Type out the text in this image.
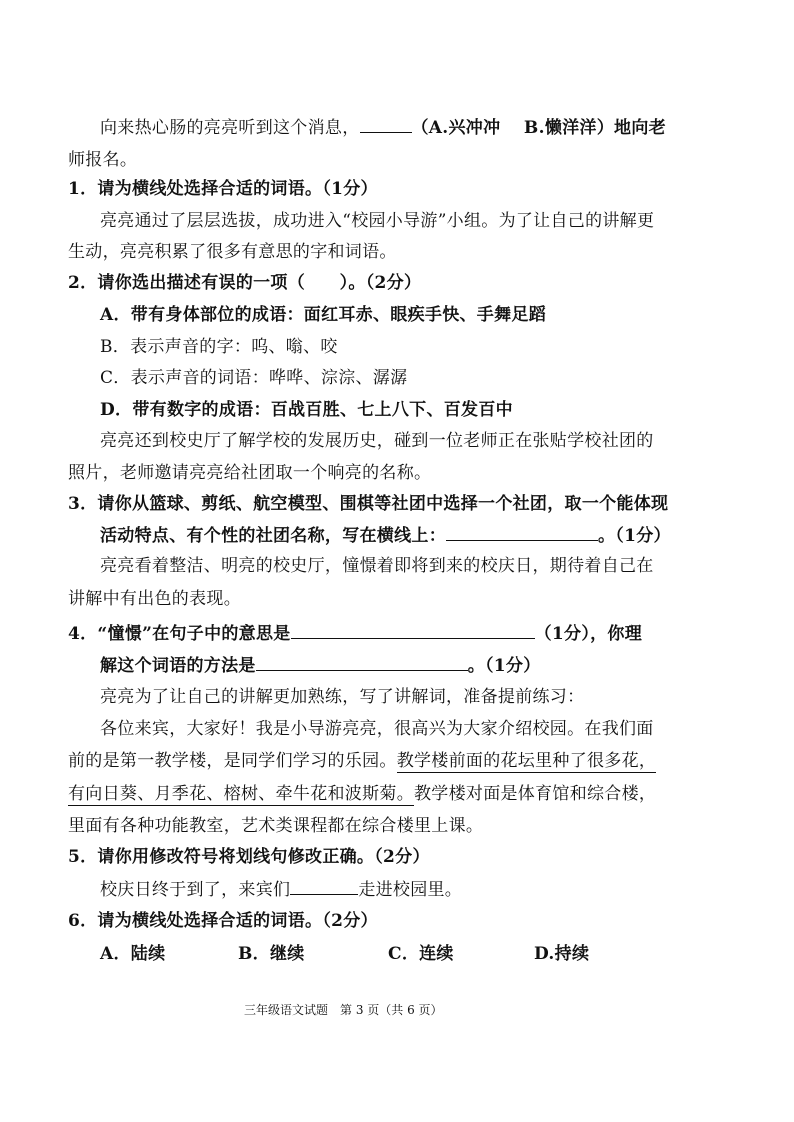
向来热心肠的亮亮听到这个消息，	（A.兴冲冲　 B.懒洋洋）地向老
师报名。
1．请为横线处选择合适的词语。（1分）
亮亮通过了层层选拔，成功进入“校园小导游”小组。为了让自己的讲解更
生动，亮亮积累了很多有意思的字和词语。
2．请你选出描述有误的一项（　　）。（2分）
A．带有身体部位的成语：面红耳赤、眼疾手快、手舞足蹈
B．表示声音的字：呜、嗡、咬
C．表示声音的词语：哗哗、淙淙、潺潺
D．带有数字的成语：百战百胜、七上八下、百发百中
亮亮还到校史厅了解学校的发展历史，碰到一位老师正在张贴学校社团的
照片，老师邀请亮亮给社团取一个响亮的名称。
3．请你从篮球、剪纸、航空模型、围棋等社团中选择一个社团，取一个能体现
活动特点、有个性的社团名称，写在横线上：	。（1分）
亮亮看着整洁、明亮的校史厅，憧憬着即将到来的校庆日，期待着自己在
讲解中有出色的表现。
4．“憧憬”在句子中的意思是	（1分），你理
解这个词语的方法是	。（1分）
亮亮为了让自己的讲解更加熟练，写了讲解词，准备提前练习：
各位来宾，大家好！我是小导游亮亮，很高兴为大家介绍校园。在我们面
前的是第一教学楼，是同学们学习的乐园。教学楼前面的花坛里种了很多花，
有向日葵、月季花、榕树、牵牛花和波斯菊。教学楼对面是体育馆和综合楼，
里面有各种功能教室，艺术类课程都在综合楼里上课。
5．请你用修改符号将划线句修改正确。（2分）
校庆日终于到了，来宾们	走进校园里。
6．请为横线处选择合适的词语。（2分）
A．陆续	B．继续	C．连续	D.持续
三年级语文试题　第 3 页（共 6 页）
